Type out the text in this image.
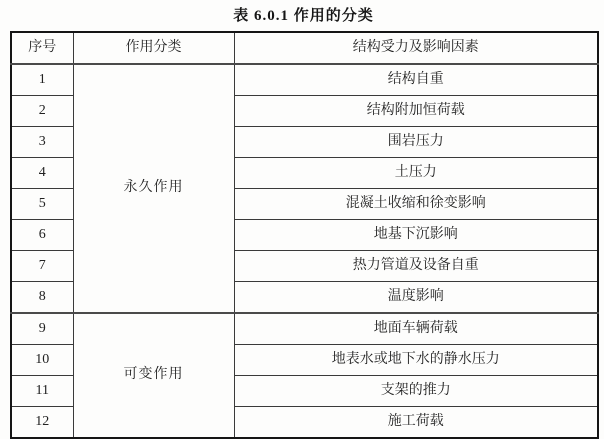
表 6.0.1 作用的分类
序号	作用分类	结构受力及影响因素
1	永久作用	结构自重
2		结构附加恒荷载
3		围岩压力
4		土压力
5		混凝土收缩和徐变影响
6		地基下沉影响
7		热力管道及设备自重
8		温度影响
9	可变作用	地面车辆荷载
10		地表水或地下水的静水压力
11		支架的推力
12		施工荷载
